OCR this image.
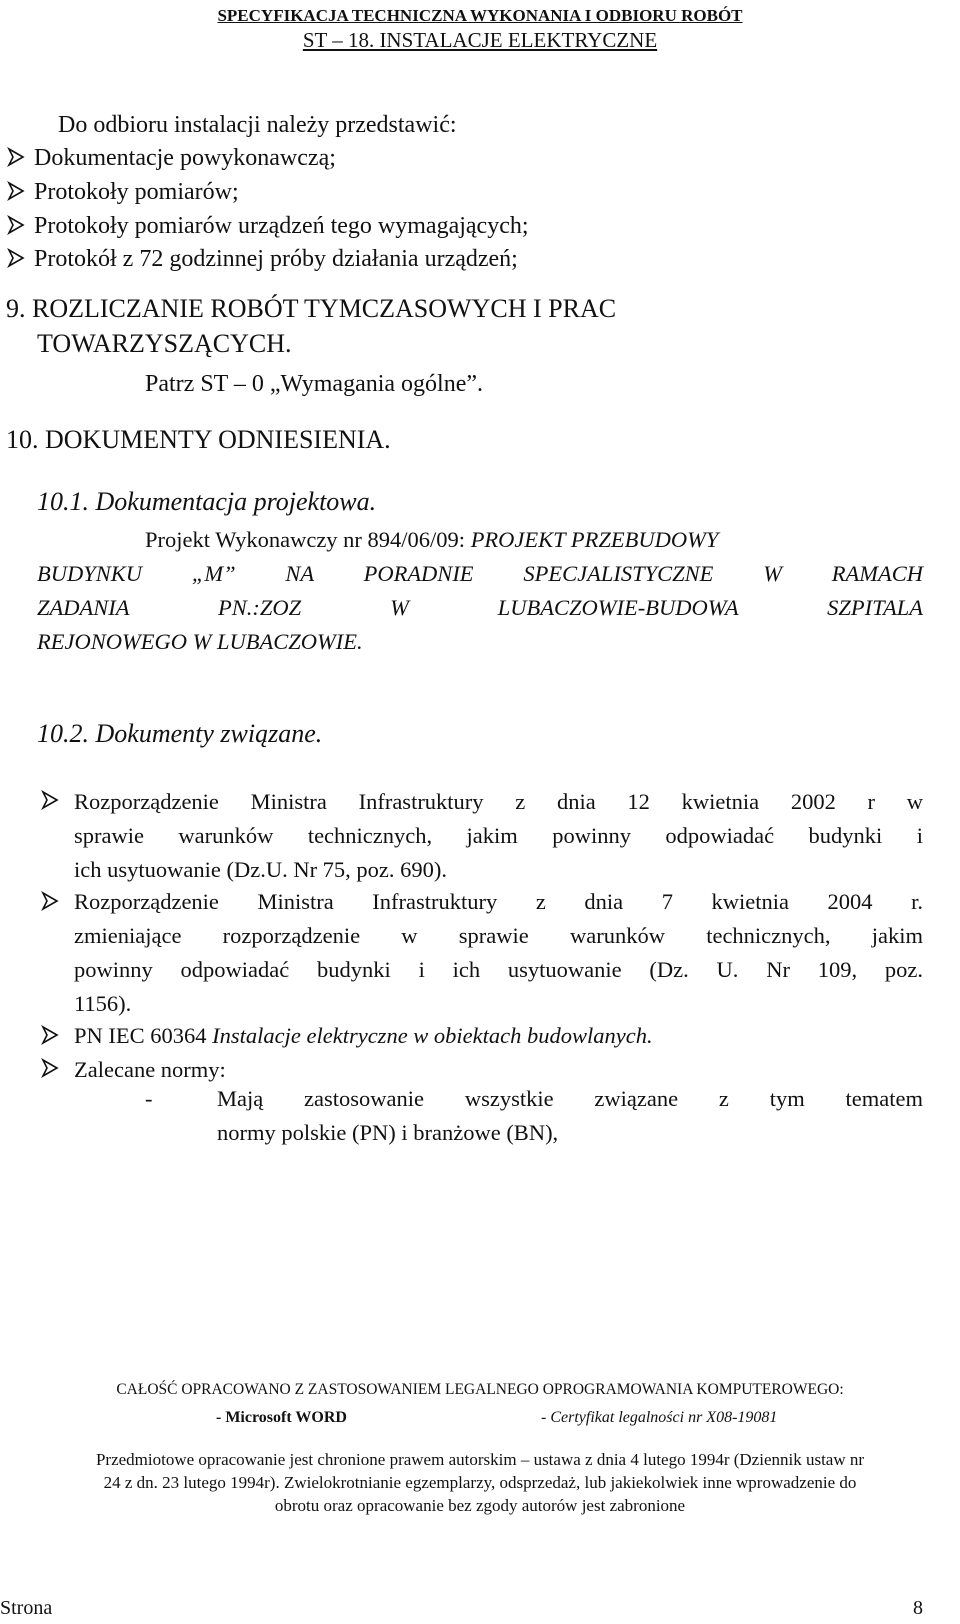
SPECYFIKACJA TECHNICZNA WYKONANIA I ODBIORU ROBÓT
ST – 18. INSTALACJE ELEKTRYCZNE
Do odbioru instalacji należy przedstawić:
Dokumentacje powykonawczą;
Protokoły pomiarów;
Protokoły pomiarów urządzeń tego wymagających;
Protokół z 72 godzinnej próby działania urządzeń;
9. ROZLICZANIE ROBÓT TYMCZASOWYCH I PRAC
TOWARZYSZĄCYCH.
Patrz ST – 0 „Wymagania ogólne”.
10. DOKUMENTY ODNIESIENIA.
10.1. Dokumentacja projektowa.
Projekt Wykonawczy nr 894/06/09: PROJEKT PRZEBUDOWY
BUDYNKU „M” NA PORADNIE SPECJALISTYCZNE W RAMACH
ZADANIA PN.:ZOZ W LUBACZOWIE-BUDOWA SZPITALA
REJONOWEGO W LUBACZOWIE.
10.2. Dokumenty związane.
Rozporządzenie Ministra Infrastruktury z dnia 12 kwietnia 2002 r w
sprawie warunków technicznych, jakim powinny odpowiadać budynki i
ich usytuowanie (Dz.U. Nr 75, poz. 690).
Rozporządzenie Ministra Infrastruktury z dnia 7 kwietnia 2004 r.
zmieniające rozporządzenie w sprawie warunków technicznych, jakim
powinny odpowiadać budynki i ich usytuowanie (Dz. U. Nr 109, poz.
1156).
PN IEC 60364 Instalacje elektryczne w obiektach budowlanych.
Zalecane normy:
-	Mają zastosowanie wszystkie związane z tym tematem
normy polskie (PN) i branżowe (BN),
CAŁOŚĆ OPRACOWANO Z ZASTOSOWANIEM LEGALNEGO OPROGRAMOWANIA KOMPUTEROWEGO:
- Microsoft WORD	- Certyfikat legalności nr X08-19081
Przedmiotowe opracowanie jest chronione prawem autorskim – ustawa z dnia 4 lutego 1994r (Dziennik ustaw nr
24 z dn. 23 lutego 1994r). Zwielokrotnianie egzemplarzy, odsprzedaż, lub jakiekolwiek inne wprowadzenie do
obrotu oraz opracowanie bez zgody autorów jest zabronione
Strona	8
